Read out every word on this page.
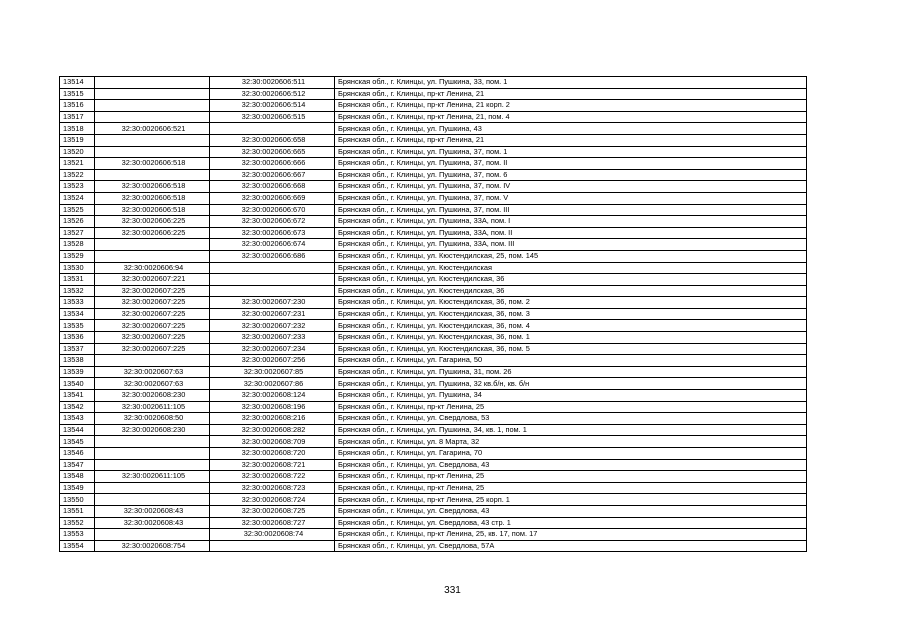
13514		32:30:0020606:511	Брянская обл., г. Клинцы, ул. Пушкина, 33, пом. 1
13515		32:30:0020606:512	Брянская обл., г. Клинцы, пр-кт Ленина, 21
13516		32:30:0020606:514	Брянская обл., г. Клинцы, пр-кт Ленина, 21 корп. 2
13517		32:30:0020606:515	Брянская обл., г. Клинцы, пр-кт Ленина, 21, пом. 4
13518	32:30:0020606:521		Брянская обл., г. Клинцы, ул. Пушкина, 43
13519		32:30:0020606:658	Брянская обл., г. Клинцы, пр-кт Ленина, 21
13520		32:30:0020606:665	Брянская обл., г. Клинцы, ул. Пушкина, 37, пом. 1
13521	32:30:0020606:518	32:30:0020606:666	Брянская обл., г. Клинцы, ул. Пушкина, 37, пом. II
13522		32:30:0020606:667	Брянская обл., г. Клинцы, ул. Пушкина, 37, пом. 6
13523	32:30:0020606:518	32:30:0020606:668	Брянская обл., г. Клинцы, ул. Пушкина, 37, пом. IV
13524	32:30:0020606:518	32:30:0020606:669	Брянская обл., г. Клинцы, ул. Пушкина, 37, пом. V
13525	32:30:0020606:518	32:30:0020606:670	Брянская обл., г. Клинцы, ул. Пушкина, 37, пом. III
13526	32:30:0020606:225	32:30:0020606:672	Брянская обл., г. Клинцы, ул. Пушкина, 33А, пом. I
13527	32:30:0020606:225	32:30:0020606:673	Брянская обл., г. Клинцы, ул. Пушкина, 33А, пом. II
13528		32:30:0020606:674	Брянская обл., г. Клинцы, ул. Пушкина, 33А, пом. III
13529		32:30:0020606:686	Брянская обл., г. Клинцы, ул. Кюстендилская, 25, пом. 145
13530	32:30:0020606:94		Брянская обл., г. Клинцы, ул. Кюстендилская
13531	32:30:0020607:221		Брянская обл., г. Клинцы, ул. Кюстендилская, 36
13532	32:30:0020607:225		Брянская обл., г. Клинцы, ул. Кюстендилская, 36
13533	32:30:0020607:225	32:30:0020607:230	Брянская обл., г. Клинцы, ул. Кюстендилская, 36, пом. 2
13534	32:30:0020607:225	32:30:0020607:231	Брянская обл., г. Клинцы, ул. Кюстендилская, 36, пом. 3
13535	32:30:0020607:225	32:30:0020607:232	Брянская обл., г. Клинцы, ул. Кюстендилская, 36, пом. 4
13536	32:30:0020607:225	32:30:0020607:233	Брянская обл., г. Клинцы, ул. Кюстендилская, 36, пом. 1
13537	32:30:0020607:225	32:30:0020607:234	Брянская обл., г. Клинцы, ул. Кюстендилская, 36, пом. 5
13538		32:30:0020607:256	Брянская обл., г. Клинцы, ул. Гагарина, 50
13539	32:30:0020607:63	32:30:0020607:85	Брянская обл., г. Клинцы, ул. Пушкина, 31, пом. 26
13540	32:30:0020607:63	32:30:0020607:86	Брянская обл., г. Клинцы, ул. Пушкина, 32 кв.б/н, кв. б/н
13541	32:30:0020608:230	32:30:0020608:124	Брянская обл., г. Клинцы, ул. Пушкина, 34
13542	32:30:0020611:105	32:30:0020608:196	Брянская обл., г. Клинцы, пр-кт Ленина, 25
13543	32:30:0020608:50	32:30:0020608:216	Брянская обл., г. Клинцы, ул. Свердлова, 53
13544	32:30:0020608:230	32:30:0020608:282	Брянская обл., г. Клинцы, ул. Пушкина, 34, кв. 1, пом. 1
13545		32:30:0020608:709	Брянская обл., г. Клинцы, ул. 8 Марта, 32
13546		32:30:0020608:720	Брянская обл., г. Клинцы, ул. Гагарина, 70
13547		32:30:0020608:721	Брянская обл., г. Клинцы, ул. Свердлова, 43
13548	32:30:0020611:105	32:30:0020608:722	Брянская обл., г. Клинцы, пр-кт Ленина, 25
13549		32:30:0020608:723	Брянская обл., г. Клинцы, пр-кт Ленина, 25
13550		32:30:0020608:724	Брянская обл., г. Клинцы, пр-кт Ленина, 25 корп. 1
13551	32:30:0020608:43	32:30:0020608:725	Брянская обл., г. Клинцы, ул. Свердлова, 43
13552	32:30:0020608:43	32:30:0020608:727	Брянская обл., г. Клинцы, ул. Свердлова, 43 стр. 1
13553		32:30:0020608:74	Брянская обл., г. Клинцы, пр-кт Ленина, 25, кв. 17, пом. 17
13554	32:30:0020608:754		Брянская обл., г. Клинцы, ул. Свердлова, 57А
331
